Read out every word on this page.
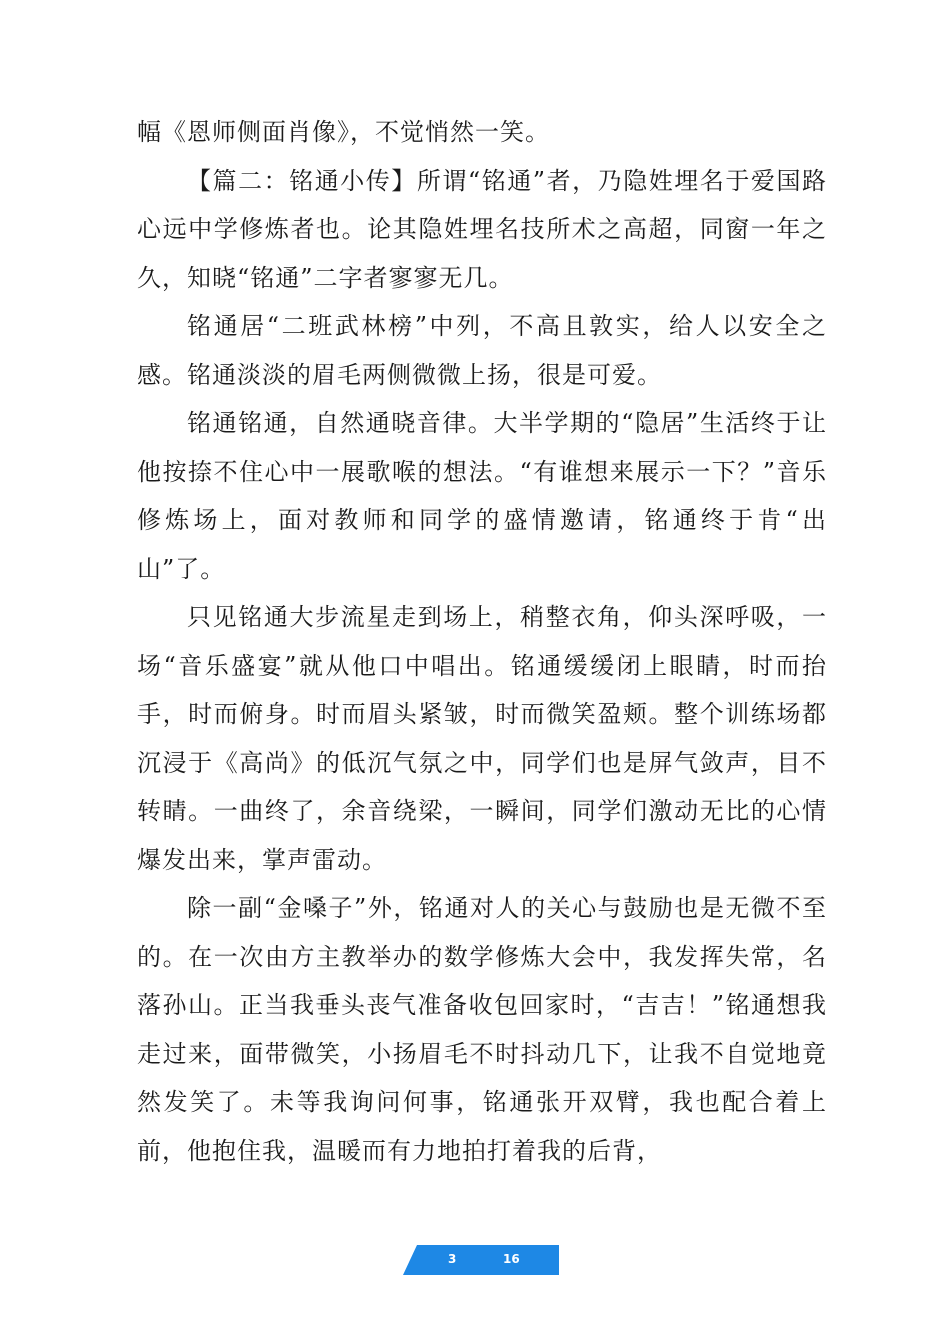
幅《恩师侧面肖像》，不觉悄然一笑。

【篇二：铭通小传】所谓“铭通”者，乃隐姓埋名于爱国路心远中学修炼者也。论其隐姓埋名技所术之高超，同窗一年之久，知晓“铭通”二字者寥寥无几。

铭通居“二班武林榜”中列，不高且敦实，给人以安全之感。铭通淡淡的眉毛两侧微微上扬，很是可爱。

铭通铭通，自然通晓音律。大半学期的“隐居”生活终于让他按捺不住心中一展歌喉的想法。“有谁想来展示一下？”音乐修炼场上，面对教师和同学的盛情邀请，铭通终于肯“出山”了。

只见铭通大步流星走到场上，稍整衣角，仰头深呼吸，一场“音乐盛宴”就从他口中唱出。铭通缓缓闭上眼睛，时而抬手，时而俯身。时而眉头紧皱，时而微笑盈颊。整个训练场都沉浸于《高尚》的低沉气氛之中，同学们也是屏气敛声，目不转睛。一曲终了，余音绕梁，一瞬间，同学们激动无比的心情爆发出来，掌声雷动。

除一副“金嗓子”外，铭通对人的关心与鼓励也是无微不至的。在一次由方主教举办的数学修炼大会中，我发挥失常，名落孙山。正当我垂头丧气准备收包回家时，“吉吉！”铭通想我走过来，面带微笑，小扬眉毛不时抖动几下，让我不自觉地竟然发笑了。未等我询问何事，铭通张开双臂，我也配合着上前，他抱住我，温暖而有力地拍打着我的后背，

3	16
